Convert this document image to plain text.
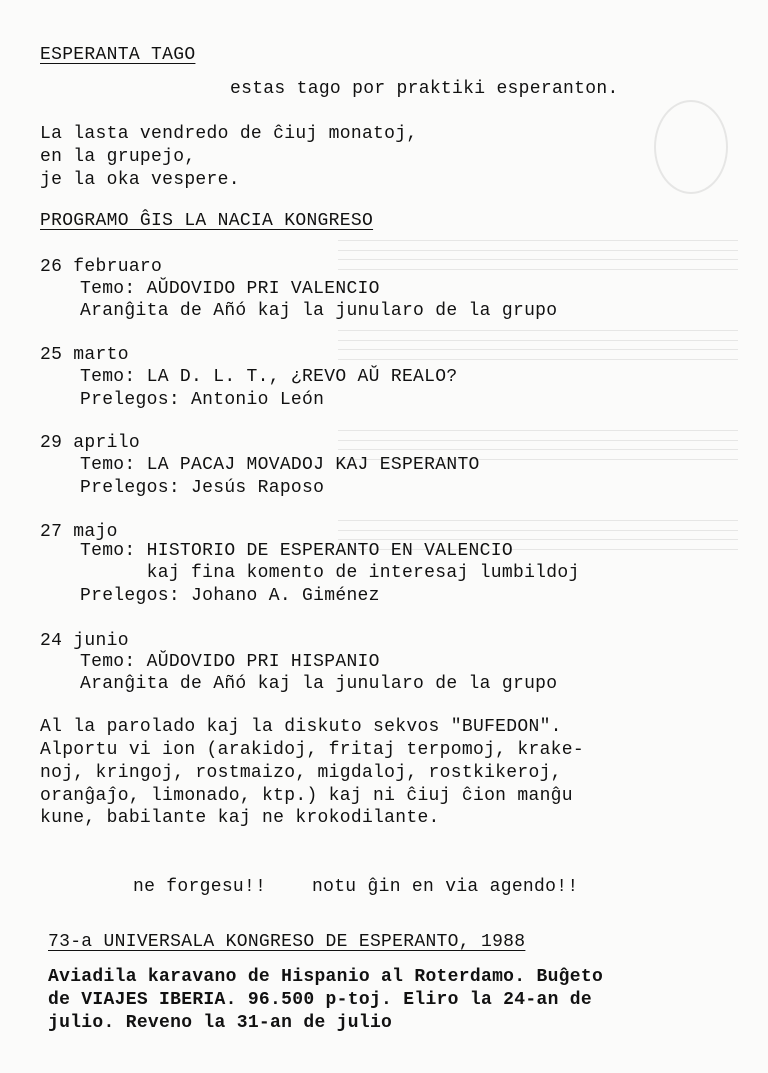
ESPERANTA TAGO
estas tago por praktiki esperanton.
La lasta vendredo de ĉiuj monatoj,
en la grupejo,
je la oka vespere.
PROGRAMO ĜIS LA NACIA KONGRESO
26 februaro
Temo: AŬDOVIDO PRI VALENCIO
Aranĝita de Añó kaj la junularo de la grupo
25 marto
Temo: LA D. L. T., ¿REVO AŬ REALO?
Prelegos: Antonio León
29 aprilo
Temo: LA PACAJ MOVADOJ KAJ ESPERANTO
Prelegos: Jesús Raposo
27 majo
Temo: HISTORIO DE ESPERANTO EN VALENCIO
kaj fina komento de interesaj lumbildoj
Prelegos: Johano A. Giménez
24 junio
Temo: AŬDOVIDO PRI HISPANIO
Aranĝita de Añó kaj la junularo de la grupo
Al la parolado kaj la diskuto sekvos "BUFEDON".
Alportu vi ion (arakidoj, fritaj terpomoj, krake-
noj, kringoj, rostmaizo, migdaloj, rostkikeroj,
oranĝaĵo, limonado, ktp.) kaj ni ĉiuj ĉion manĝu
kune, babilante kaj ne krokodilante.
ne forgesu!!	notu ĝin en via agendo!!
73-a UNIVERSALA KONGRESO DE ESPERANTO, 1988
Aviadila karavano de Hispanio al Roterdamo. Buĝeto
de VIAJES IBERIA. 96.500 p-toj. Eliro la 24-an de
julio. Reveno la 31-an de julio
